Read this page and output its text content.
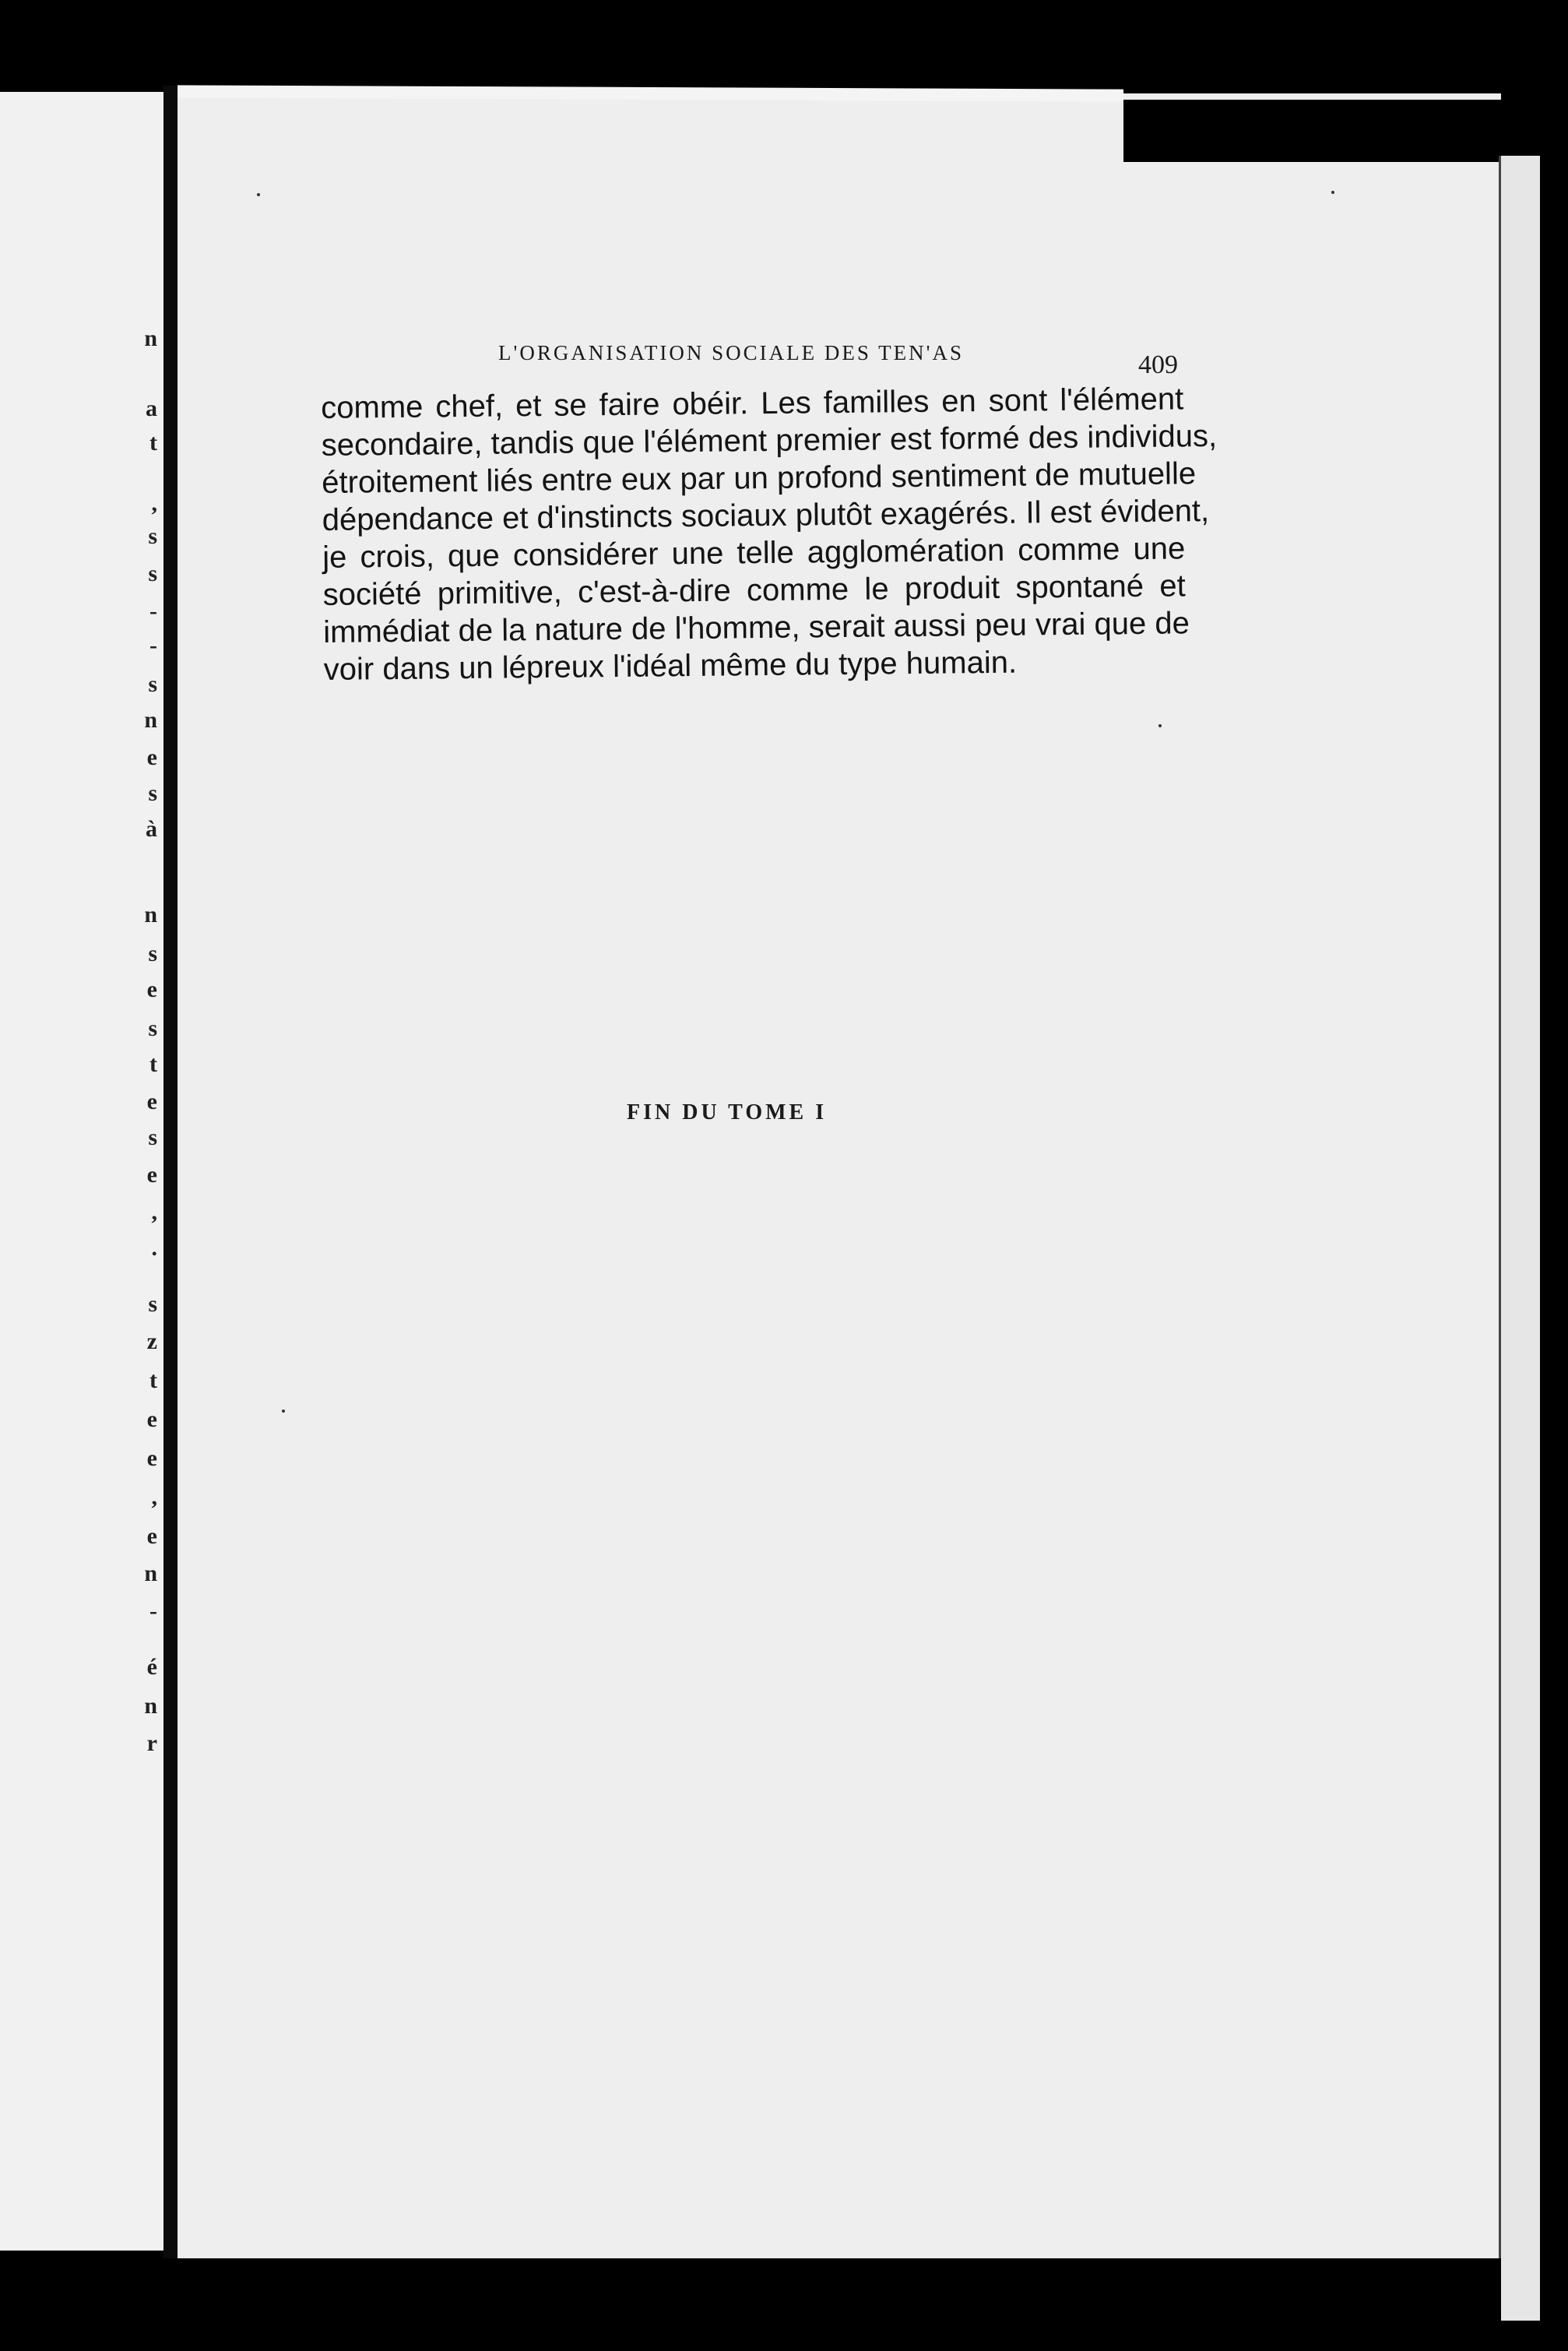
n
a
t
,
s
s
-
-
s
n
e
s
à
n
s
e
s
t
e
s
e
,
.
s
z
t
e
e
,
e
n
-
é
n
r
L'ORGANISATION SOCIALE DES TEN'AS	409
comme chef, et se faire obéir. Les familles en sont l'élément
secondaire, tandis que l'élément premier est formé des individus,
étroitement liés entre eux par un profond sentiment de mutuelle
dépendance et d'instincts sociaux plutôt exagérés. Il est évident,
je crois, que considérer une telle agglomération comme une
société primitive, c'est-à-dire comme le produit spontané et
immédiat de la nature de l'homme, serait aussi peu vrai que de
voir dans un lépreux l'idéal même du type humain.
FIN DU TOME I
